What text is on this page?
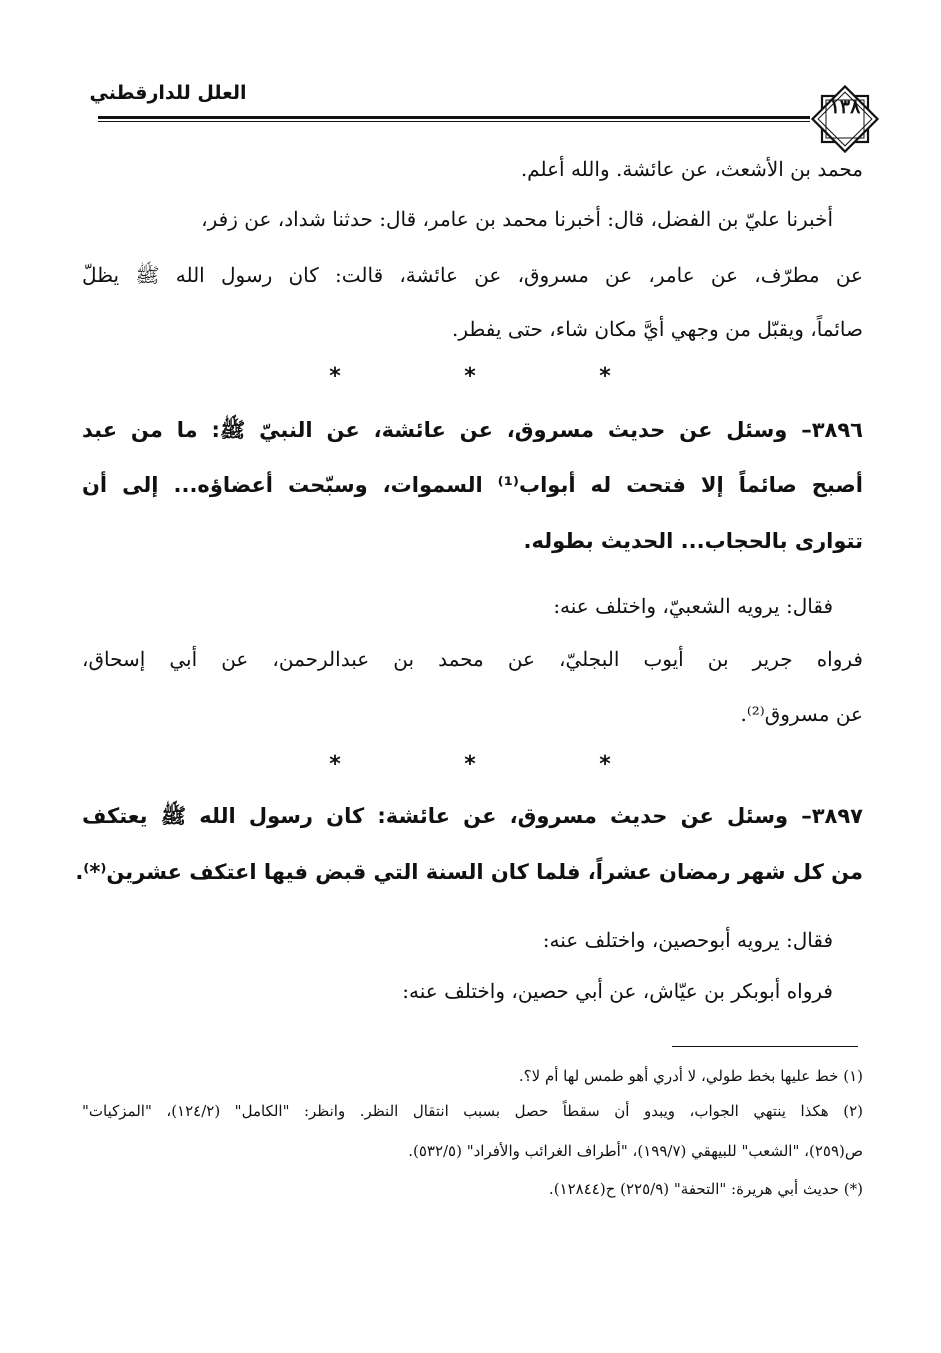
العلل للدارقطني
١٣٨
محمد بن الأشعث، عن عائشة. والله أعلم.
أخبرنا عليّ بن الفضل، قال: أخبرنا محمد بن عامر، قال: حدثنا شداد، عن زفر،
عن مطرّف، عن عامر، عن مسروق، عن عائشة، قالت: كان رسول الله ﷺ يظلّ
صائماً، ويقبّل من وجهي أيَّ مكان شاء، حتى يفطر.
*	*	*
٣٨٩٦– وسئل عن حديث مسروق، عن عائشة، عن النبيّ ﷺ: ما من عبد
أصبح صائماً إلا فتحت له أبواب⁽¹⁾ السموات، وسبّحت أعضاؤه... إلى أن
تتوارى بالحجاب... الحديث بطوله.
فقال: يرويه الشعبيّ، واختلف عنه:
فرواه جرير بن أيوب البجليّ، عن محمد بن عبدالرحمن، عن أبي إسحاق،
عن مسروق⁽²⁾.
*	*	*
٣٨٩٧– وسئل عن حديث مسروق، عن عائشة: كان رسول الله ﷺ يعتكف
من كل شهر رمضان عشراً، فلما كان السنة التي قبض فيها اعتكف عشرين⁽*⁾.
فقال: يرويه أبوحصين، واختلف عنه:
فرواه أبوبكر بن عيّاش، عن أبي حصين، واختلف عنه:
(١) خط عليها بخط طولي، لا أدري أهو طمس لها أم لا؟.
(٢) هكذا ينتهي الجواب، ويبدو أن سقطاً حصل بسبب انتقال النظر. وانظر: "الكامل" (١٢٤/٢)، "المزكيات"
ص(٢٥٩)، "الشعب" للبيهقي (١٩٩/٧)، "أطراف الغرائب والأفراد" (٥٣٢/٥).
(*) حديث أبي هريرة: "التحفة" (٢٢٥/٩) ح(١٢٨٤٤).
